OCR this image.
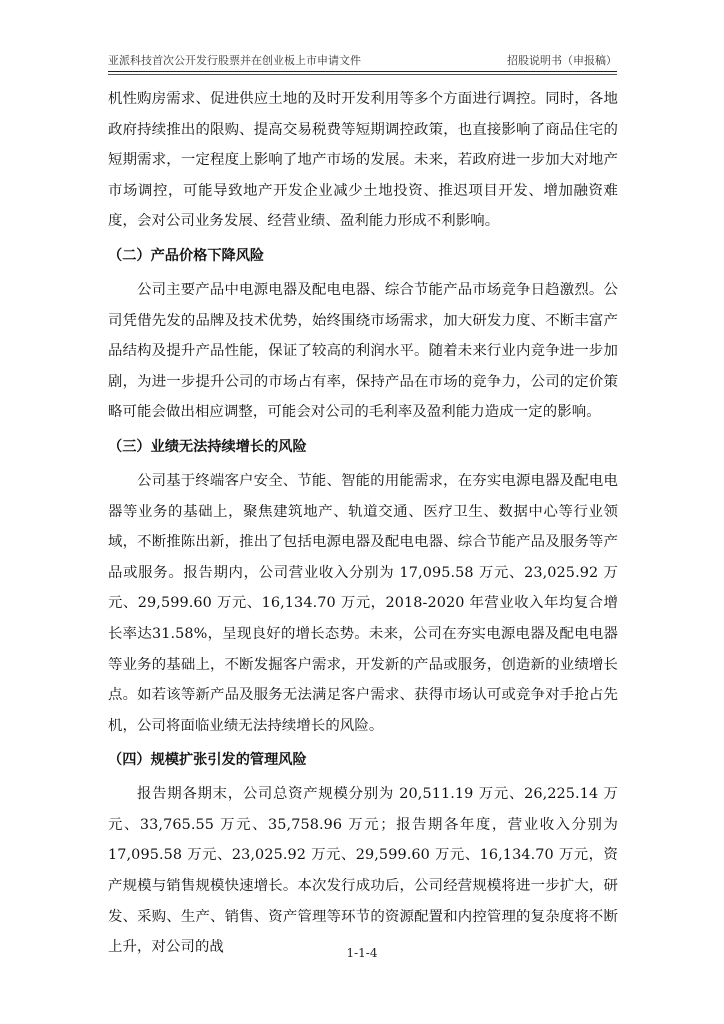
亚派科技首次公开发行股票并在创业板上市申请文件	招股说明书（申报稿）

机性购房需求、促进供应土地的及时开发利用等多个方面进行调控。同时，各地政府持续推出的限购、提高交易税费等短期调控政策，也直接影响了商品住宅的短期需求，一定程度上影响了地产市场的发展。未来，若政府进一步加大对地产市场调控，可能导致地产开发企业减少土地投资、推迟项目开发、增加融资难度，会对公司业务发展、经营业绩、盈利能力形成不利影响。

（二）产品价格下降风险

公司主要产品中电源电器及配电电器、综合节能产品市场竞争日趋激烈。公司凭借先发的品牌及技术优势，始终围绕市场需求，加大研发力度、不断丰富产品结构及提升产品性能，保证了较高的利润水平。随着未来行业内竞争进一步加剧，为进一步提升公司的市场占有率，保持产品在市场的竞争力，公司的定价策略可能会做出相应调整，可能会对公司的毛利率及盈利能力造成一定的影响。

（三）业绩无法持续增长的风险

公司基于终端客户安全、节能、智能的用能需求，在夯实电源电器及配电电器等业务的基础上，聚焦建筑地产、轨道交通、医疗卫生、数据中心等行业领域，不断推陈出新，推出了包括电源电器及配电电器、综合节能产品及服务等产品或服务。报告期内，公司营业收入分别为 17,095.58 万元、23,025.92 万元、29,599.60 万元、16,134.70 万元，2018-2020 年营业收入年均复合增长率达31.58%，呈现良好的增长态势。未来，公司在夯实电源电器及配电电器等业务的基础上，不断发掘客户需求，开发新的产品或服务，创造新的业绩增长点。如若该等新产品及服务无法满足客户需求、获得市场认可或竞争对手抢占先机，公司将面临业绩无法持续增长的风险。

（四）规模扩张引发的管理风险

报告期各期末，公司总资产规模分别为 20,511.19 万元、26,225.14 万元、33,765.55 万元、35,758.96 万元；报告期各年度，营业收入分别为 17,095.58 万元、23,025.92 万元、29,599.60 万元、16,134.70 万元，资产规模与销售规模快速增长。本次发行成功后，公司经营规模将进一步扩大，研发、采购、生产、销售、资产管理等环节的资源配置和内控管理的复杂度将不断上升，对公司的战	1-1-4
